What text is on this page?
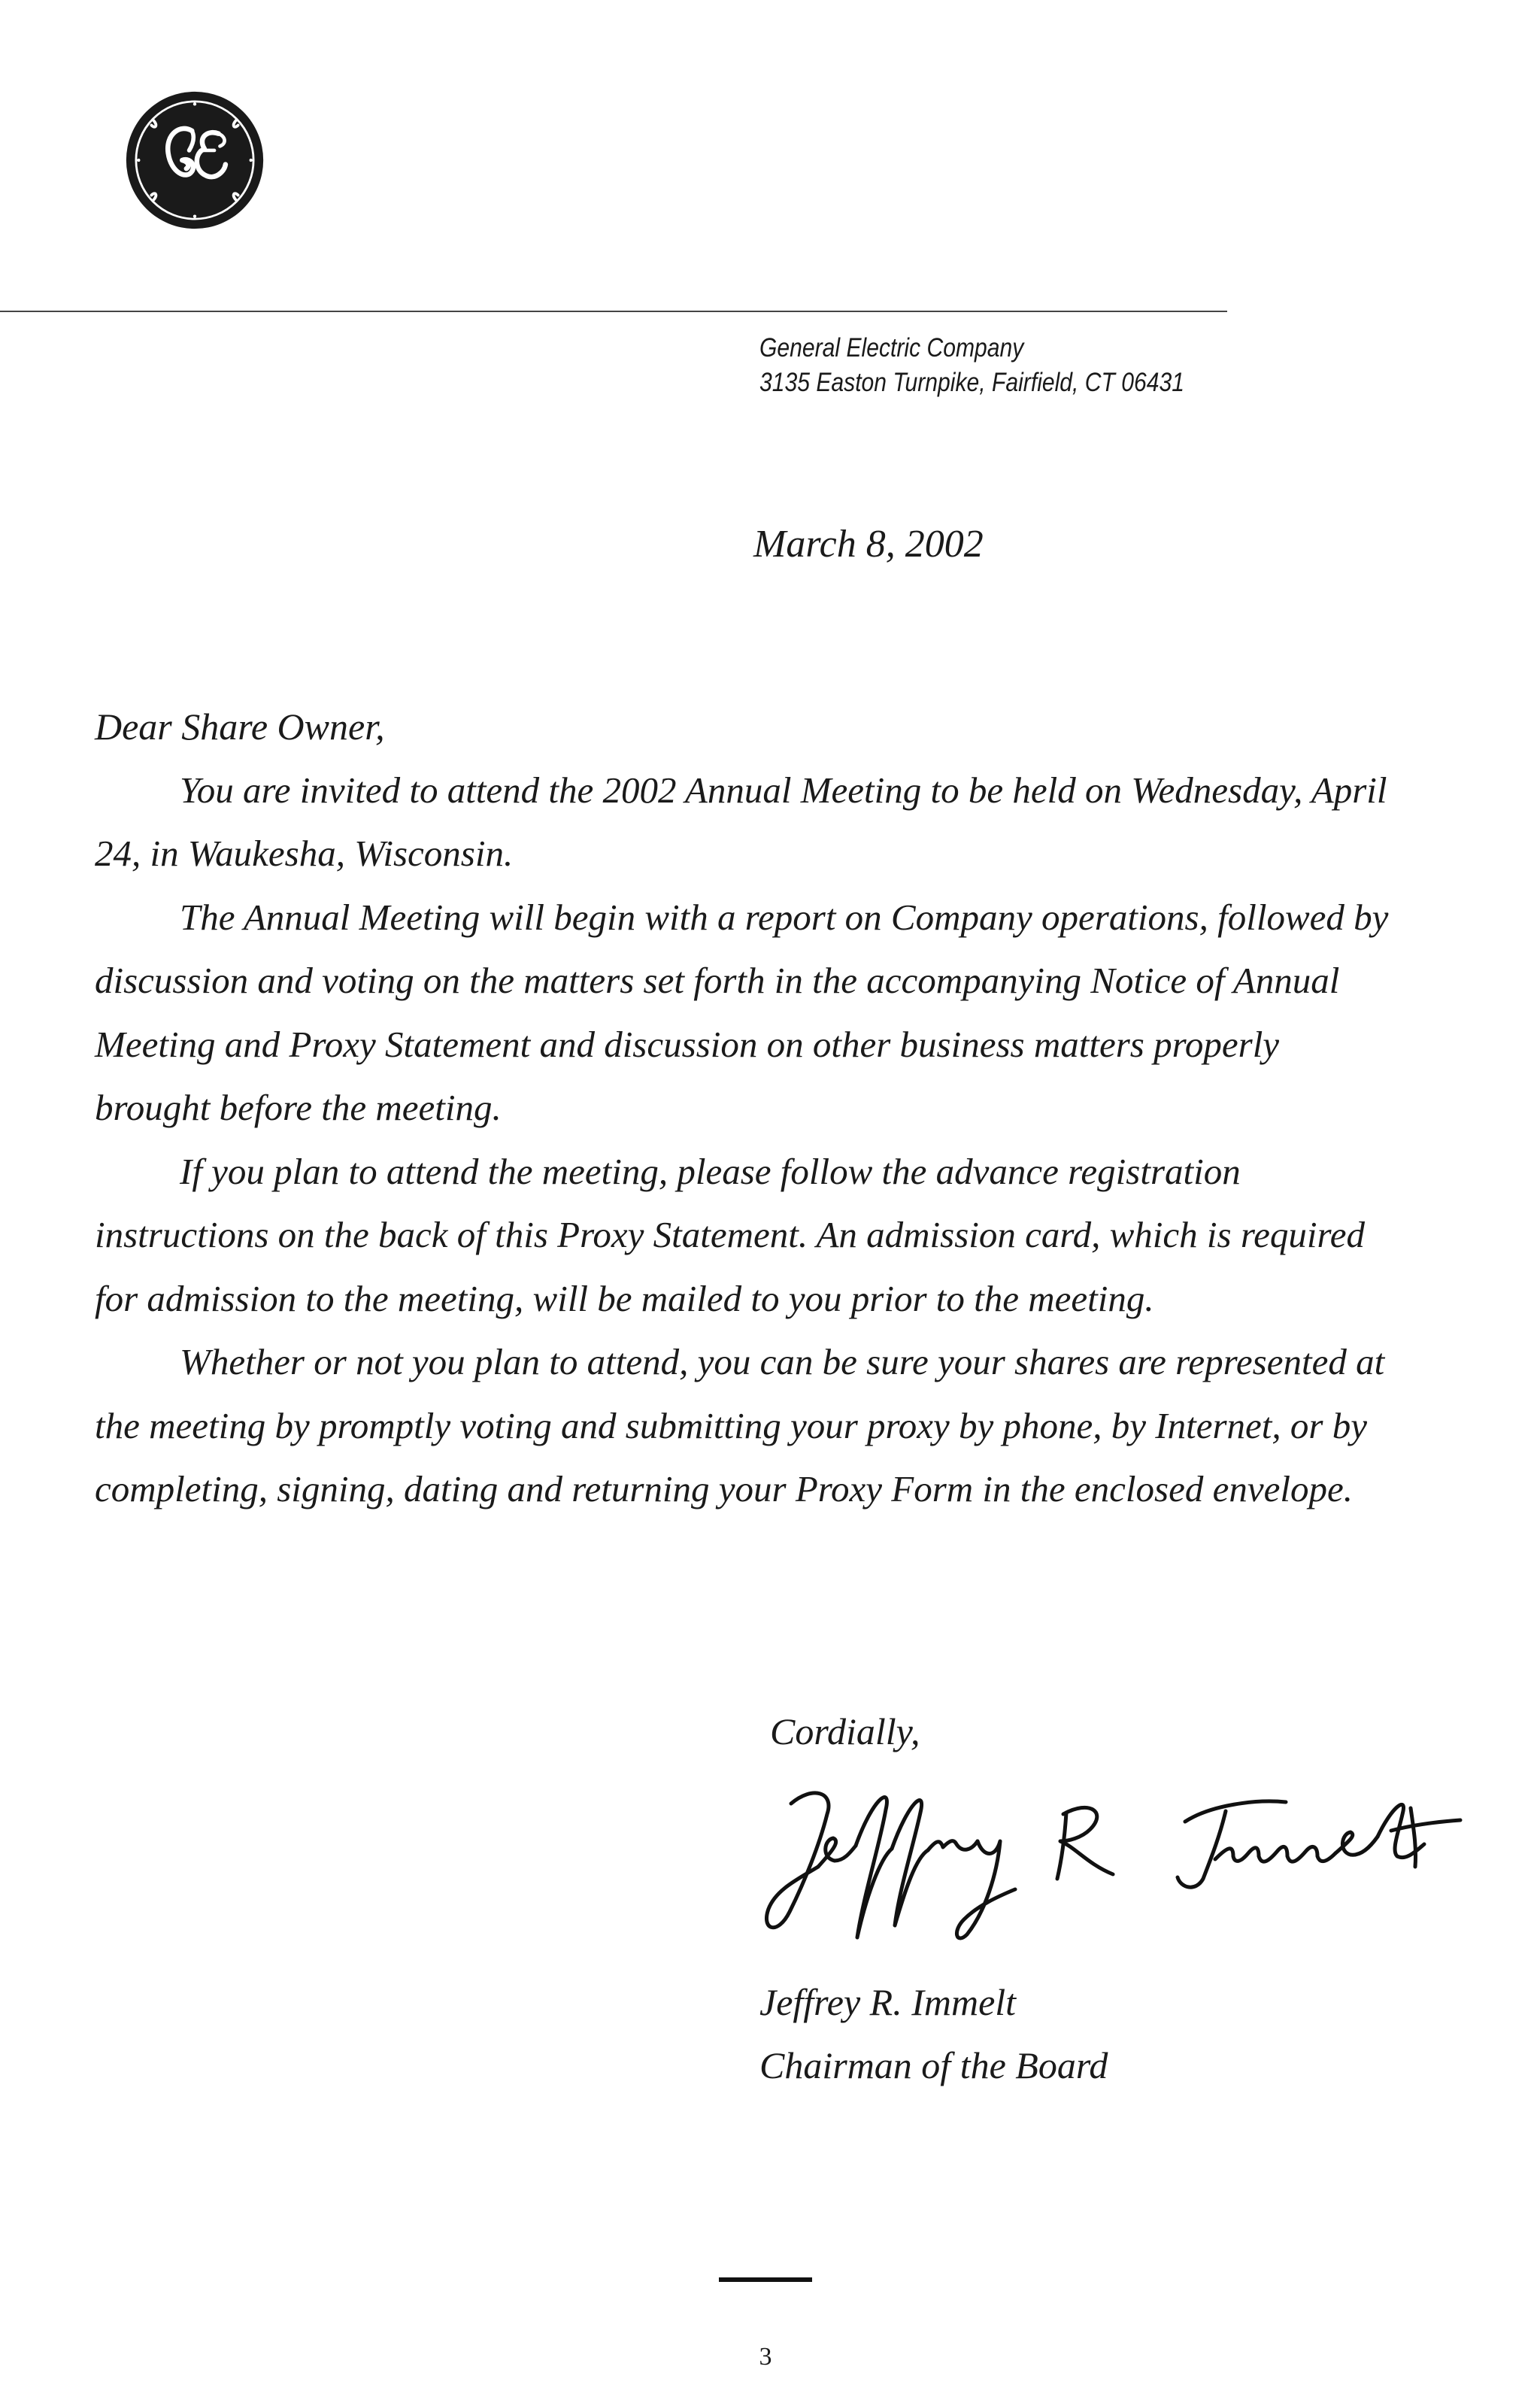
General Electric Company
3135 Easton Turnpike, Fairfield, CT 06431
March 8, 2002

Dear Share Owner,

You are invited to attend the 2002 Annual Meeting to be held on Wednesday, April 24, in Waukesha, Wisconsin.

The Annual Meeting will begin with a report on Company operations, followed by discussion and voting on the matters set forth in the accompanying Notice of Annual Meeting and Proxy Statement and discussion on other business matters properly brought before the meeting.

If you plan to attend the meeting, please follow the advance registration instructions on the back of this Proxy Statement. An admission card, which is required for admission to the meeting, will be mailed to you prior to the meeting.

Whether or not you plan to attend, you can be sure your shares are represented at the meeting by promptly voting and submitting your proxy by phone, by Internet, or by completing, signing, dating and returning your Proxy Form in the enclosed envelope.

Cordially,
Jeffrey R. Immelt
Chairman of the Board
3
